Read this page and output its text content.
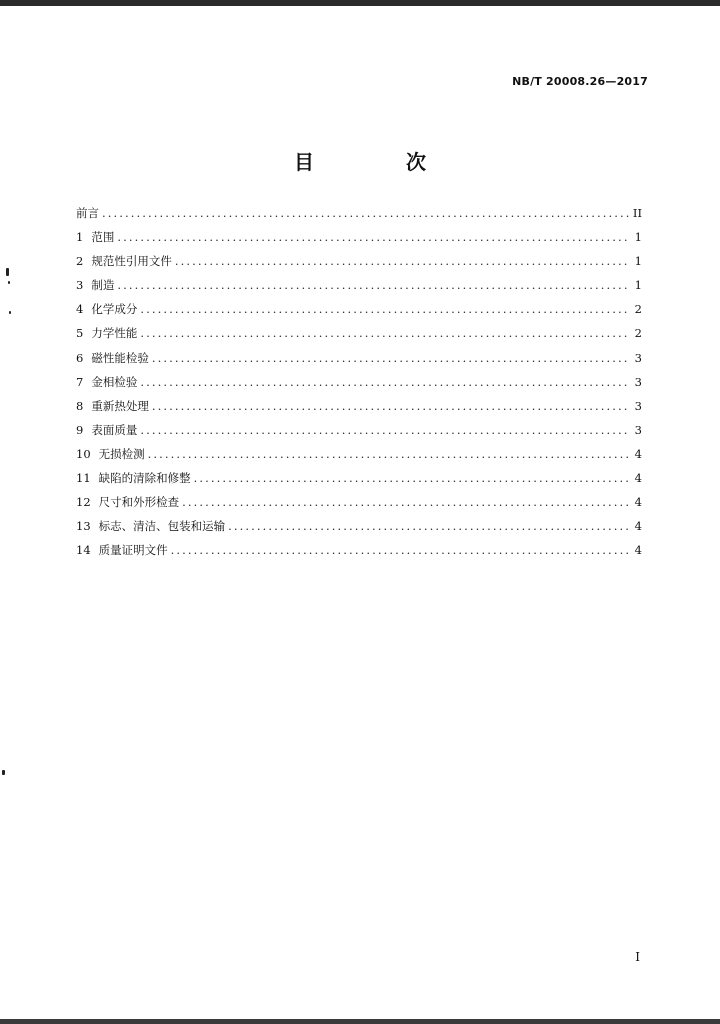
NB/T 20008.26—2017
目　次
前言 .....	II
1 范围 .....	1
2 规范性引用文件 .....	1
3 制造 .....	1
4 化学成分 .....	2
5 力学性能 .....	2
6 磁性能检验 .....	3
7 金相检验 .....	3
8 重新热处理 .....	3
9 表面质量 .....	3
10 无损检测 .....	4
11 缺陷的清除和修整 .....	4
12 尺寸和外形检查 .....	4
13 标志、清洁、包装和运输 .....	4
14 质量证明文件 .....	4
I
